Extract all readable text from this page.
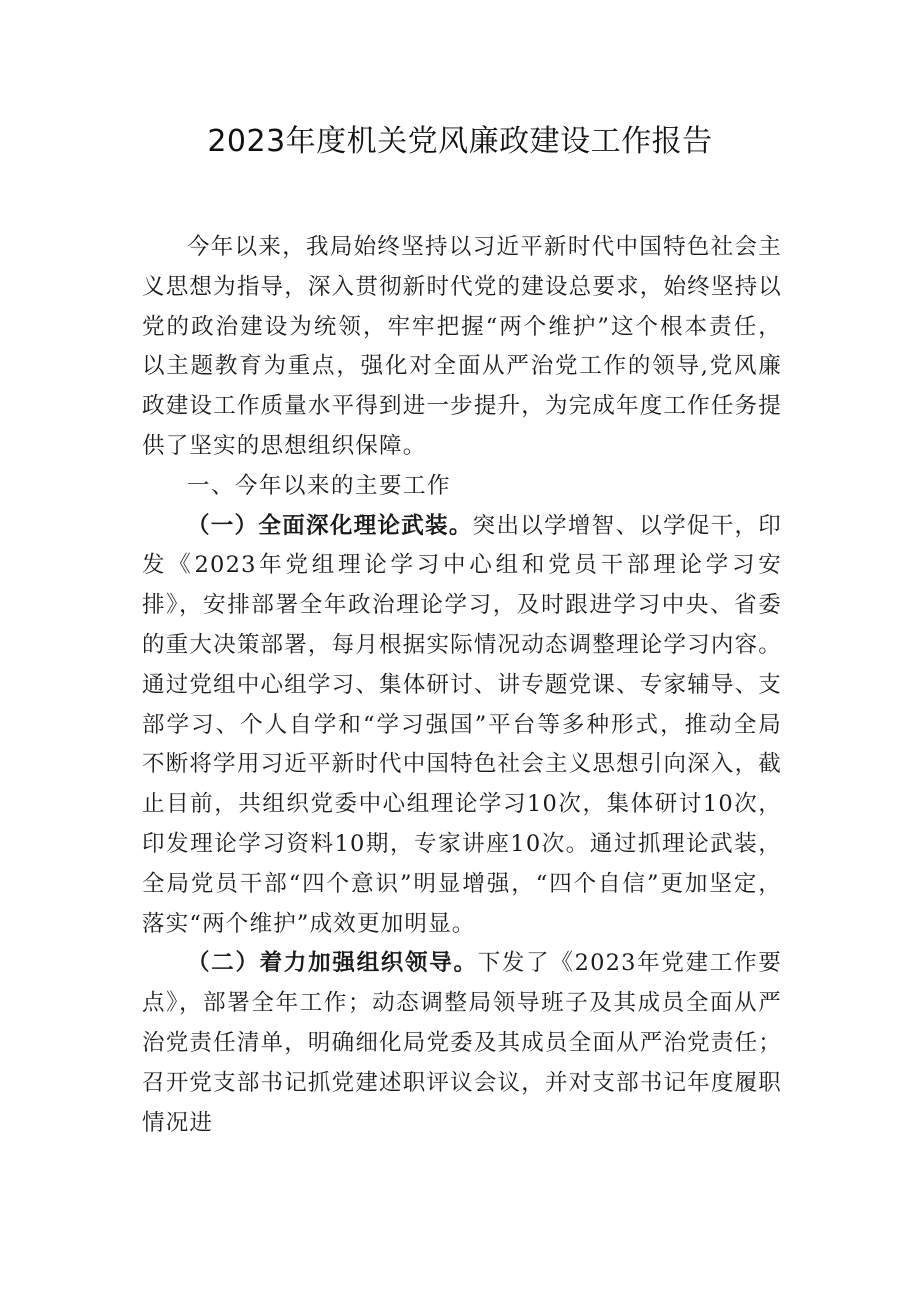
2023年度机关党风廉政建设工作报告

今年以来，我局始终坚持以习近平新时代中国特色社会主义思想为指导，深入贯彻新时代党的建设总要求，始终坚持以党的政治建设为统领，牢牢把握“两个维护”这个根本责任，以主题教育为重点，强化对全面从严治党工作的领导,党风廉政建设工作质量水平得到进一步提升，为完成年度工作任务提供了坚实的思想组织保障。

一、今年以来的主要工作

（一）全面深化理论武装。突出以学增智、以学促干，印发《2023年党组理论学习中心组和党员干部理论学习安排》，安排部署全年政治理论学习，及时跟进学习中央、省委的重大决策部署，每月根据实际情况动态调整理论学习内容。通过党组中心组学习、集体研讨、讲专题党课、专家辅导、支部学习、个人自学和“学习强国”平台等多种形式，推动全局不断将学用习近平新时代中国特色社会主义思想引向深入，截止目前，共组织党委中心组理论学习10次，集体研讨10次，印发理论学习资料10期，专家讲座10次。通过抓理论武装，全局党员干部“四个意识”明显增强，“四个自信”更加坚定，落实“两个维护”成效更加明显。

（二）着力加强组织领导。下发了《2023年党建工作要点》，部署全年工作；动态调整局领导班子及其成员全面从严治党责任清单，明确细化局党委及其成员全面从严治党责任；召开党支部书记抓党建述职评议会议，并对支部书记年度履职情况进
